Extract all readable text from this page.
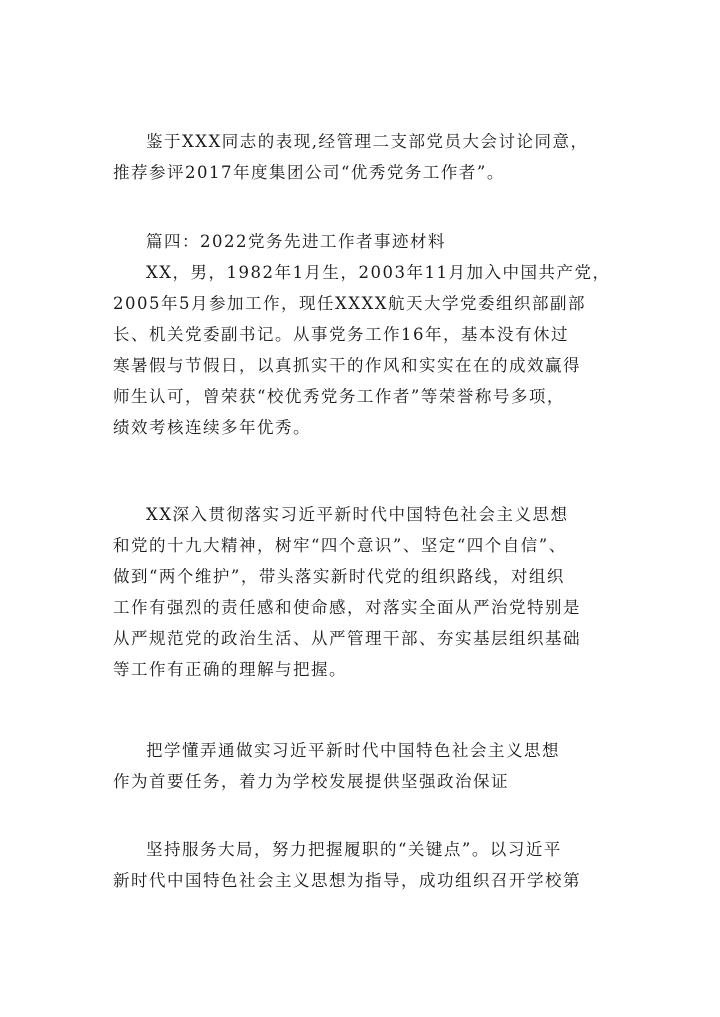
鉴于XXX同志的表现,经管理二支部党员大会讨论同意，
推荐参评2017年度集团公司“优秀党务工作者”。
篇四：2022党务先进工作者事迹材料
XX，男，1982年1月生，2003年11月加入中国共产党，
2005年5月参加工作，现任XXXX航天大学党委组织部副部
长、机关党委副书记。从事党务工作16年，基本没有休过
寒暑假与节假日，以真抓实干的作风和实实在在的成效赢得
师生认可，曾荣获“校优秀党务工作者”等荣誉称号多项，
绩效考核连续多年优秀。
XX深入贯彻落实习近平新时代中国特色社会主义思想
和党的十九大精神，树牢“四个意识”、坚定“四个自信”、
做到“两个维护”，带头落实新时代党的组织路线，对组织
工作有强烈的责任感和使命感，对落实全面从严治党特别是
从严规范党的政治生活、从严管理干部、夯实基层组织基础
等工作有正确的理解与把握。
把学懂弄通做实习近平新时代中国特色社会主义思想
作为首要任务，着力为学校发展提供坚强政治保证
坚持服务大局，努力把握履职的“关键点”。以习近平
新时代中国特色社会主义思想为指导，成功组织召开学校第
